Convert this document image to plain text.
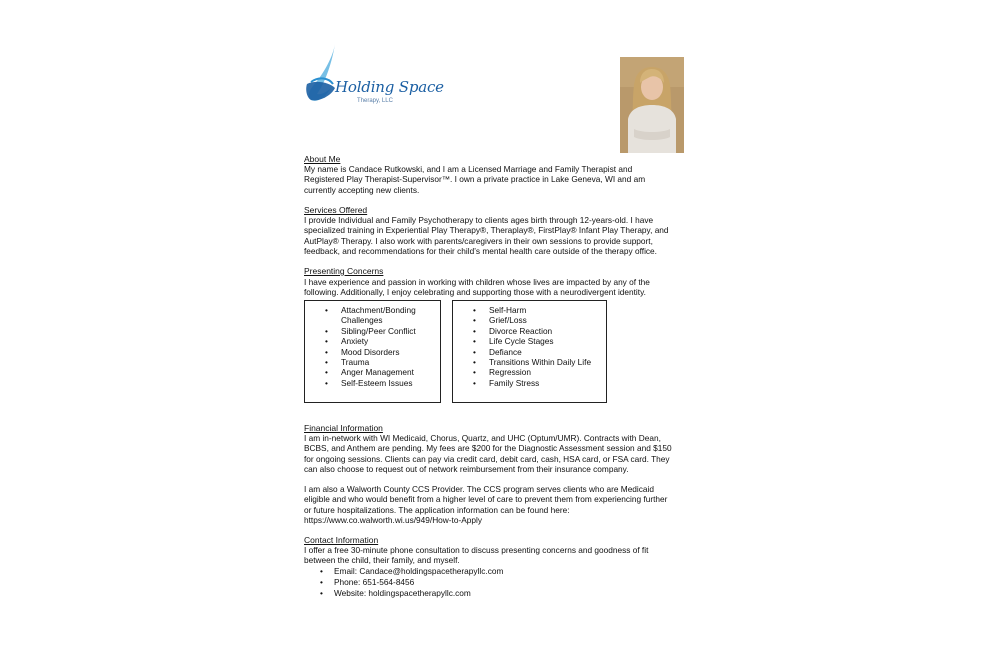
Holding Space
Therapy, LLC
About Me
My name is Candace Rutkowski, and I am a Licensed Marriage and Family Therapist and
Registered Play Therapist-Supervisor™. I own a private practice in Lake Geneva, WI and am
currently accepting new clients.
Services Offered
I provide Individual and Family Psychotherapy to clients ages birth through 12-years-old. I have
specialized training in Experiential Play Therapy®, Theraplay®, FirstPlay® Infant Play Therapy, and
AutPlay® Therapy. I also work with parents/caregivers in their own sessions to provide support,
feedback, and recommendations for their child’s mental health care outside of the therapy office.
Presenting Concerns
I have experience and passion in working with children whose lives are impacted by any of the
following. Additionally, I enjoy celebrating and supporting those with a neurodivergent identity.
• Attachment/Bonding
Challenges
• Sibling/Peer Conflict
• Anxiety
• Mood Disorders
• Trauma
• Anger Management
• Self-Esteem Issues
• Self-Harm
• Grief/Loss
• Divorce Reaction
• Life Cycle Stages
• Defiance
• Transitions Within Daily Life
• Regression
• Family Stress
Financial Information
I am in-network with WI Medicaid, Chorus, Quartz, and UHC (Optum/UMR). Contracts with Dean,
BCBS, and Anthem are pending. My fees are $200 for the Diagnostic Assessment session and $150
for ongoing sessions. Clients can pay via credit card, debit card, cash, HSA card, or FSA card. They
can also choose to request out of network reimbursement from their insurance company.
I am also a Walworth County CCS Provider. The CCS program serves clients who are Medicaid
eligible and who would benefit from a higher level of care to prevent them from experiencing further
or future hospitalizations. The application information can be found here:
https://www.co.walworth.wi.us/949/How-to-Apply
Contact Information
I offer a free 30-minute phone consultation to discuss presenting concerns and goodness of fit
between the child, their family, and myself.
• Email: Candace@holdingspacetherapyllc.com
• Phone: 651-564-8456
• Website: holdingspacetherapyllc.com
